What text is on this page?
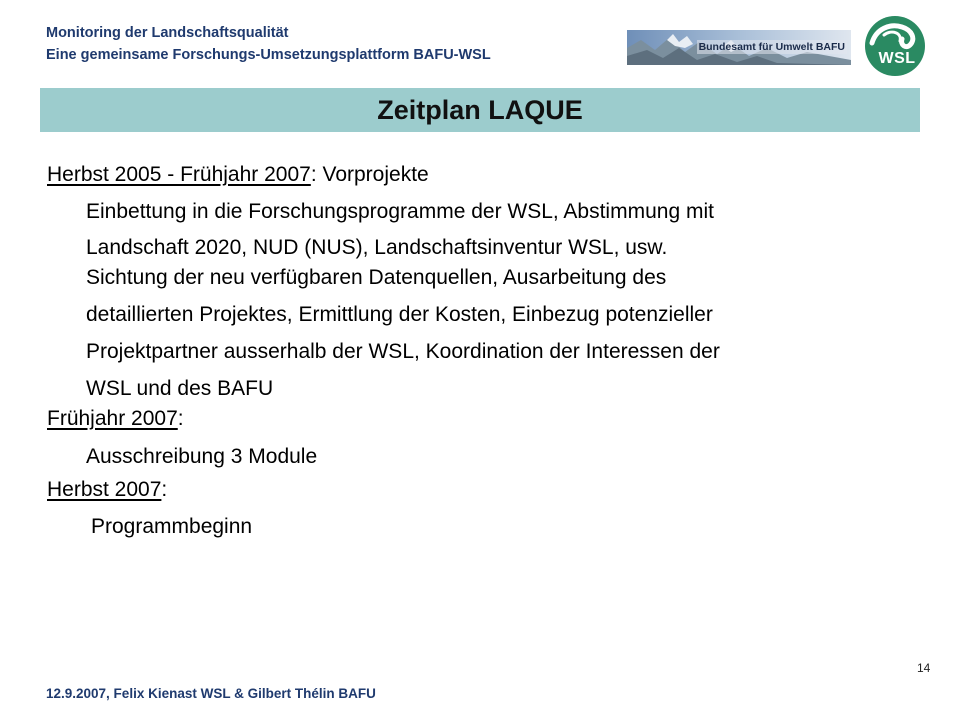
Monitoring der Landschaftsqualität
Eine gemeinsame Forschungs-Umsetzungsplattform BAFU-WSL	Bundesamt für Umwelt BAFU
WSL
Zeitplan LAQUE
Herbst 2005 - Frühjahr 2007: Vorprojekte
Einbettung in die Forschungsprogramme der WSL, Abstimmung mit
Landschaft 2020, NUD (NUS), Landschaftsinventur WSL, usw.
Sichtung der neu verfügbaren Datenquellen, Ausarbeitung des
detaillierten Projektes, Ermittlung der Kosten, Einbezug potenzieller
Projektpartner ausserhalb der WSL, Koordination der Interessen der
WSL und des BAFU
Frühjahr 2007:
Ausschreibung 3 Module
Herbst 2007:
Programmbeginn
14
12.9.2007, Felix Kienast WSL & Gilbert Thélin BAFU
